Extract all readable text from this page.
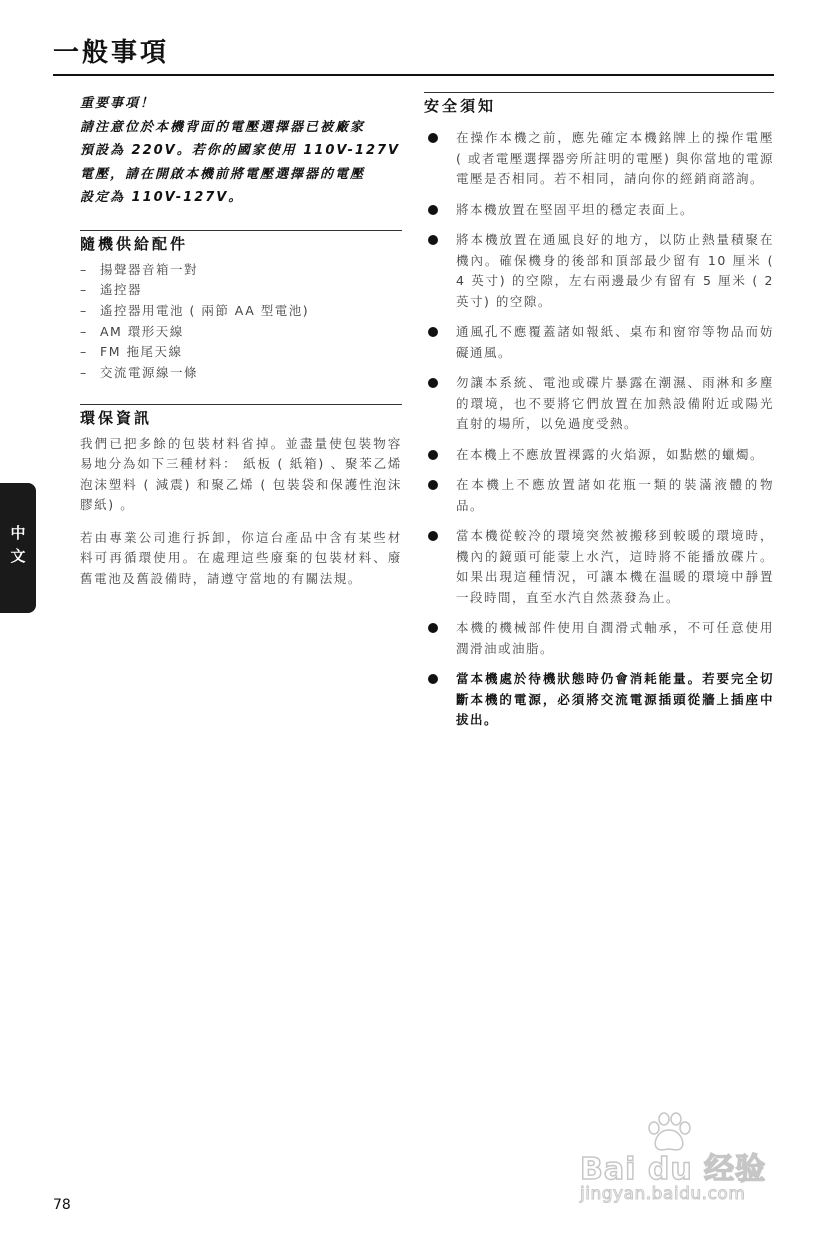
一般事項

重要事項！

請注意位於本機背面的電壓選擇器已被廠家

預設為 220V。若你的國家使用 110V-127V

電壓，請在開啟本機前將電壓選擇器的電壓

設定為 110V-127V。

隨機供給配件
– 揚聲器音箱一對
– 遙控器
– 遙控器用電池 ( 兩節 AA 型電池)
– AM 環形天線
– FM 拖尾天線
– 交流電源線一條
環保資訊

我們已把多餘的包裝材料省掉。並盡量使包裝物容易地分為如下三種材料： 紙板 ( 紙箱) 、聚苯乙烯泡沫塑料 ( 減震) 和聚乙烯 ( 包裝袋和保護性泡沫膠紙) 。

若由專業公司進行拆卸，你這台產品中含有某些材料可再循環使用。在處理這些廢棄的包裝材料、廢舊電池及舊設備時，請遵守當地的有關法規。

安全須知
在操作本機之前，應先確定本機銘牌上的操作電壓 ( 或者電壓選擇器旁所註明的電壓) 與你當地的電源電壓是否相同。若不相同，請向你的經銷商諮詢。
將本機放置在堅固平坦的穩定表面上。
將本機放置在通風良好的地方，以防止熱量積聚在機內。確保機身的後部和頂部最少留有 10 厘米 ( 4 英寸) 的空隙，左右兩邊最少有留有 5 厘米 ( 2 英寸) 的空隙。
通風孔不應覆蓋諸如報紙、桌布和窗帘等物品而妨礙通風。
勿讓本系統、電池或碟片暴露在潮濕、雨淋和多塵的環境，也不要將它們放置在加熱設備附近或陽光直射的場所，以免過度受熱。
在本機上不應放置裸露的火焰源，如點燃的蠟燭。
在本機上不應放置諸如花瓶一類的裝滿液體的物品。
當本機從較冷的環境突然被搬移到較暖的環境時，機內的鏡頭可能蒙上水汽，這時將不能播放碟片。如果出現這種情況，可讓本機在温暖的環境中靜置一段時間，直至水汽自然蒸發為止。
本機的機械部件使用自潤滑式軸承，不可任意使用潤滑油或油脂。
當本機處於待機狀態時仍會消耗能量。若要完全切斷本機的電源，必須將交流電源插頭從牆上插座中拔出。
中文
78
Bai du 经验
jingyan.baidu.com
